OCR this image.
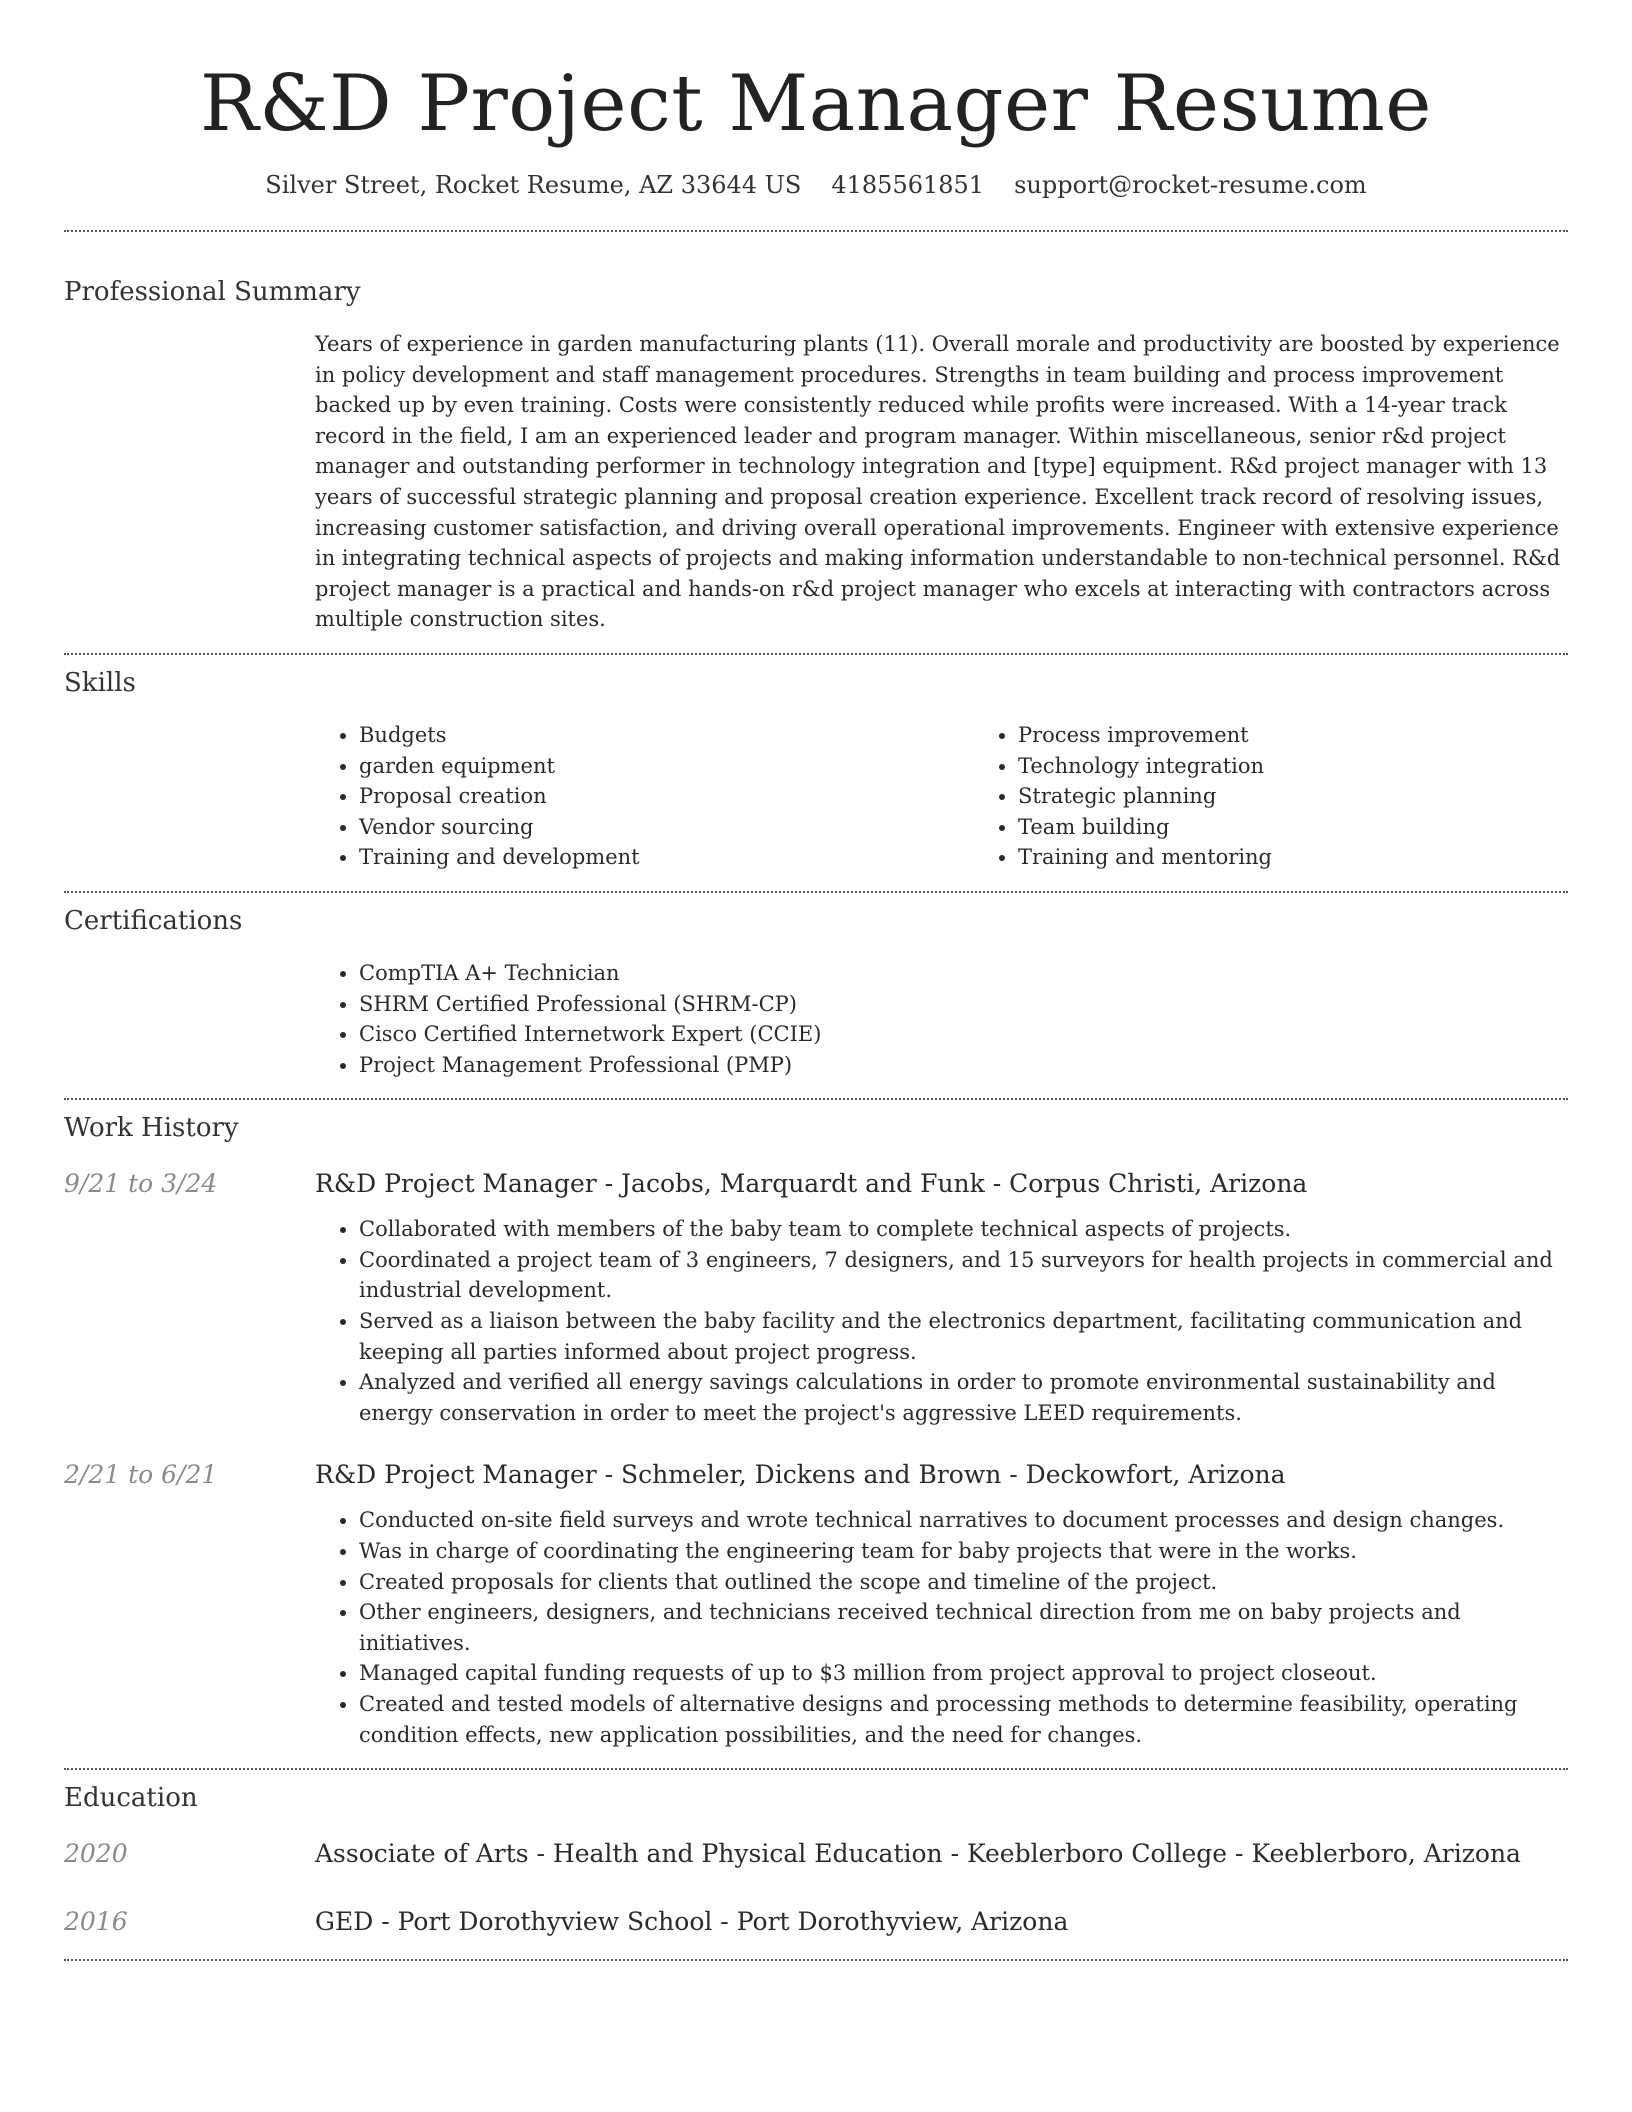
R&D Project Manager Resume
Silver Street, Rocket Resume, AZ 33644 US 4185561851 support@rocket-resume.com
Professional Summary

Years of experience in garden manufacturing plants (11). Overall morale and productivity are boosted by experience in policy development and staff management procedures. Strengths in team building and process improvement backed up by even training. Costs were consistently reduced while profits were increased. With a 14-year track record in the field, I am an experienced leader and program manager. Within miscellaneous, senior r&d project manager and outstanding performer in technology integration and [type] equipment. R&d project manager with 13 years of successful strategic planning and proposal creation experience. Excellent track record of resolving issues, increasing customer satisfaction, and driving overall operational improvements. Engineer with extensive experience in integrating technical aspects of projects and making information understandable to non-technical personnel. R&d project manager is a practical and hands-on r&d project manager who excels at interacting with contractors across multiple construction sites.

Skills
• Budgets
• garden equipment
• Proposal creation
• Vendor sourcing
• Training and development
• Process improvement
• Technology integration
• Strategic planning
• Team building
• Training and mentoring
Certifications
• CompTIA A+ Technician
• SHRM Certified Professional (SHRM-CP)
• Cisco Certified Internetwork Expert (CCIE)
• Project Management Professional (PMP)
Work History
9/21 to 3/24	R&D Project Manager - Jacobs, Marquardt and Funk - Corpus Christi, Arizona
• Collaborated with members of the baby team to complete technical aspects of projects.
• Coordinated a project team of 3 engineers, 7 designers, and 15 surveyors for health projects in commercial and industrial development.
• Served as a liaison between the baby facility and the electronics department, facilitating communication and keeping all parties informed about project progress.
• Analyzed and verified all energy savings calculations in order to promote environmental sustainability and energy conservation in order to meet the project's aggressive LEED requirements.
2/21 to 6/21	R&D Project Manager - Schmeler, Dickens and Brown - Deckowfort, Arizona
• Conducted on-site field surveys and wrote technical narratives to document processes and design changes.
• Was in charge of coordinating the engineering team for baby projects that were in the works.
• Created proposals for clients that outlined the scope and timeline of the project.
• Other engineers, designers, and technicians received technical direction from me on baby projects and initiatives.
• Managed capital funding requests of up to $3 million from project approval to project closeout.
• Created and tested models of alternative designs and processing methods to determine feasibility, operating condition effects, new application possibilities, and the need for changes.
Education
2020	Associate of Arts - Health and Physical Education - Keeblerboro College - Keeblerboro, Arizona
2016	GED - Port Dorothyview School - Port Dorothyview, Arizona
